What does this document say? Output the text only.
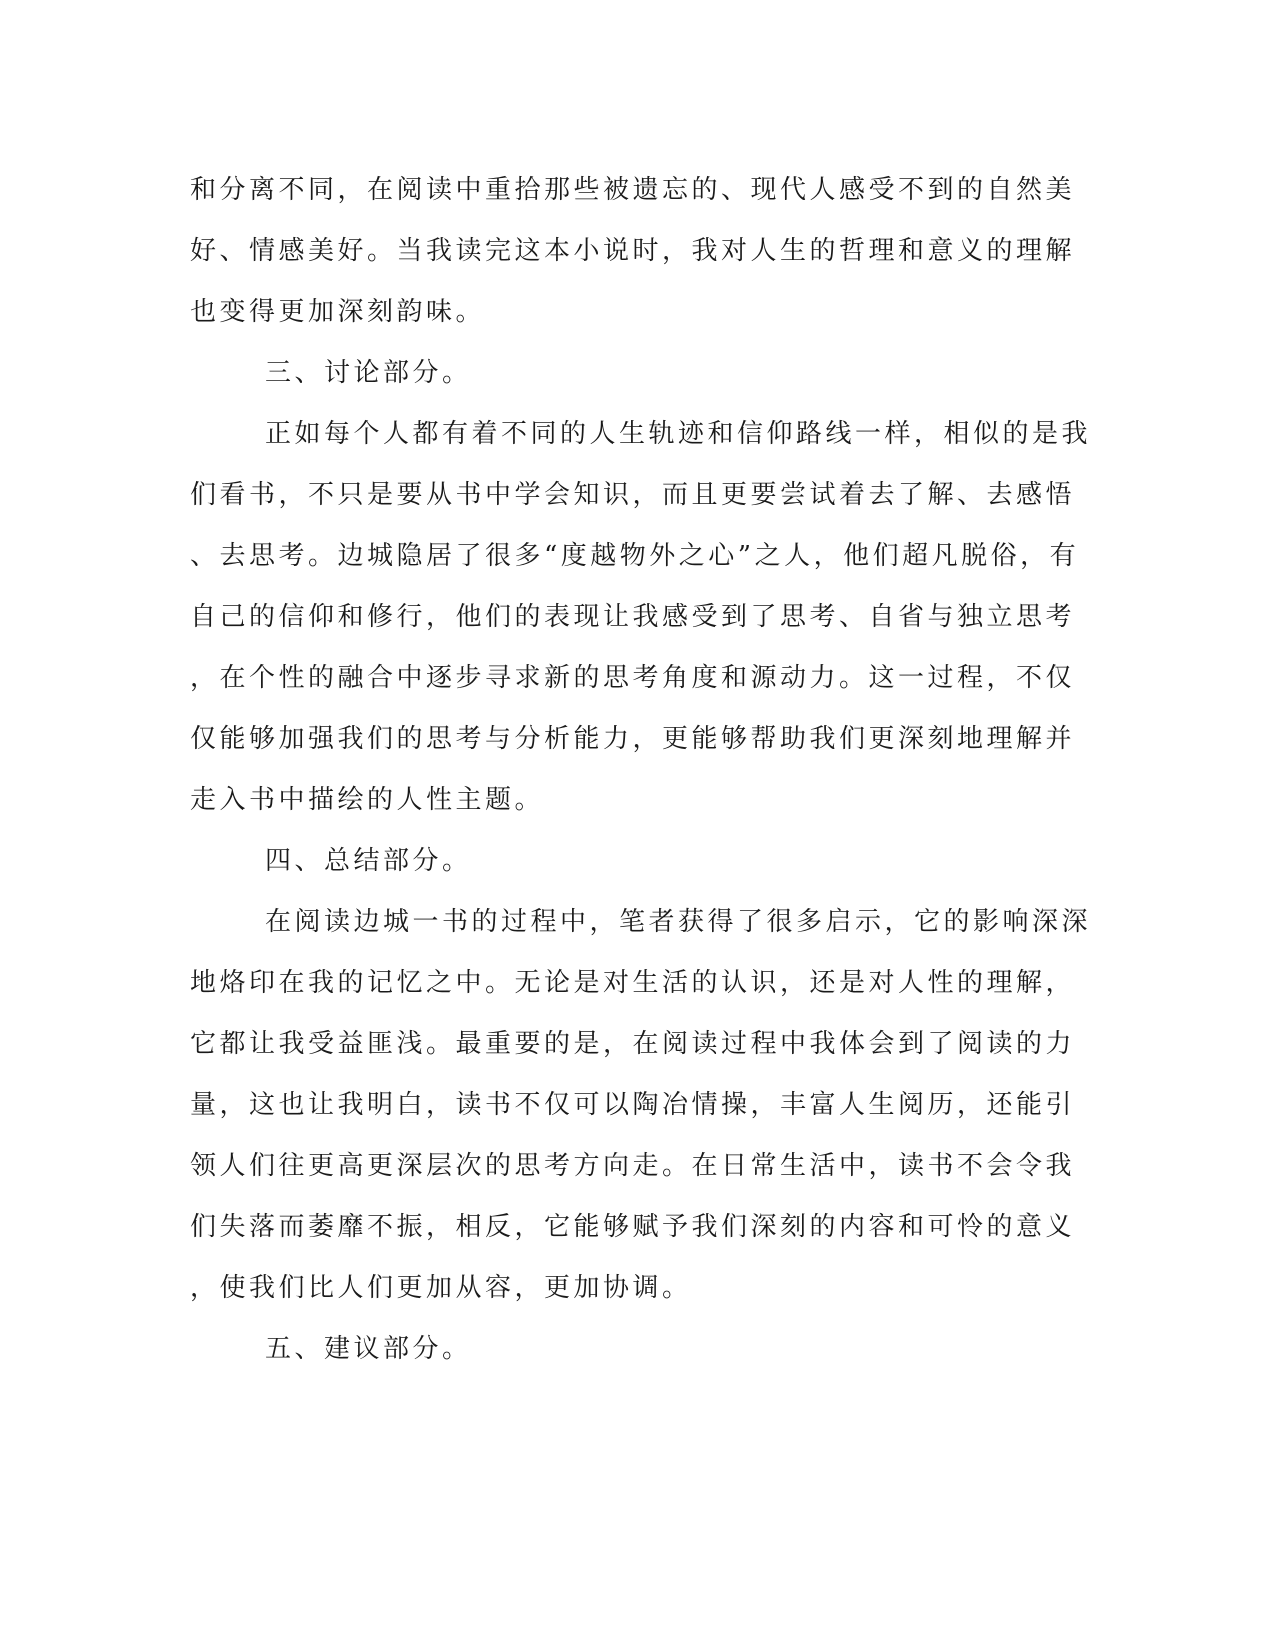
和分离不同，在阅读中重拾那些被遗忘的、现代人感受不到的自然美
好、情感美好。当我读完这本小说时，我对人生的哲理和意义的理解
也变得更加深刻韵味。
三、讨论部分。
正如每个人都有着不同的人生轨迹和信仰路线一样，相似的是我
们看书，不只是要从书中学会知识，而且更要尝试着去了解、去感悟
、去思考。边城隐居了很多“度越物外之心”之人，他们超凡脱俗，有
自己的信仰和修行，他们的表现让我感受到了思考、自省与独立思考
，在个性的融合中逐步寻求新的思考角度和源动力。这一过程，不仅
仅能够加强我们的思考与分析能力，更能够帮助我们更深刻地理解并
走入书中描绘的人性主题。
四、总结部分。
在阅读边城一书的过程中，笔者获得了很多启示，它的影响深深
地烙印在我的记忆之中。无论是对生活的认识，还是对人性的理解，
它都让我受益匪浅。最重要的是，在阅读过程中我体会到了阅读的力
量，这也让我明白，读书不仅可以陶冶情操，丰富人生阅历，还能引
领人们往更高更深层次的思考方向走。在日常生活中，读书不会令我
们失落而萎靡不振，相反，它能够赋予我们深刻的内容和可怜的意义
，使我们比人们更加从容，更加协调。
五、建议部分。
